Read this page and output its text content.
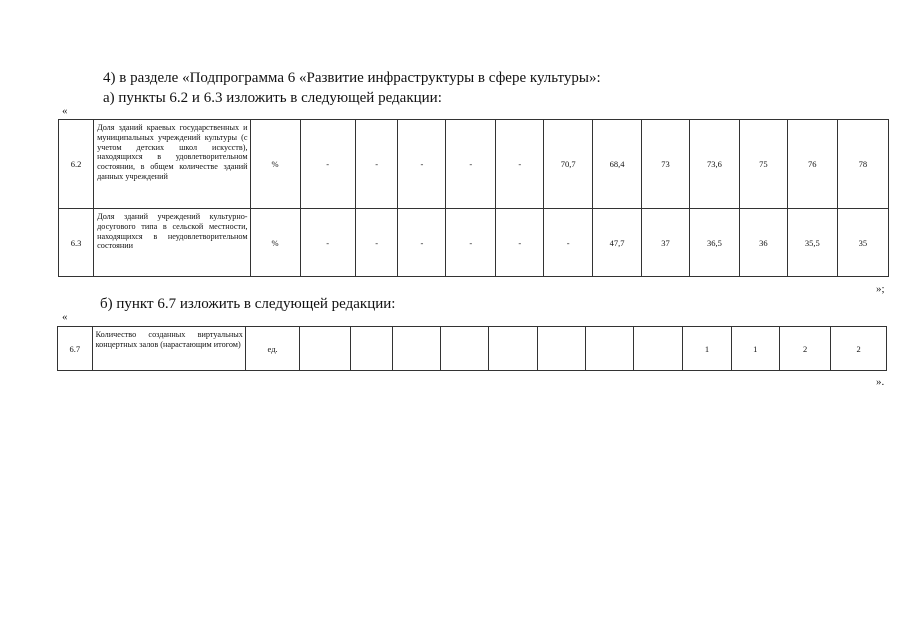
4) в разделе «Подпрограмма 6 «Развитие инфраструктуры в сфере культуры»:
а) пункты 6.2 и 6.3 изложить в следующей редакции:
«
6.2	Доля зданий краевых государственных и муниципальных учреждений культуры (с учетом детских школ искусств), находящихся в удовлетворительном состоянии, в общем количестве зданий данных учреждений	%	-	-	-	-	-	70,7	68,4	73	73,6	75	76	78
6.3	Доля зданий учреждений культурно-досугового типа в сельской местности, находящихся в неудовлетворительном состоянии	%	-	-	-	-	-	-	47,7	37	36,5	36	35,5	35
»;
б) пункт 6.7 изложить в следующей редакции:
«
6.7	Количество созданных виртуальных концертных залов (нарастающим итогом)	ед.									1	1	2	2
».
